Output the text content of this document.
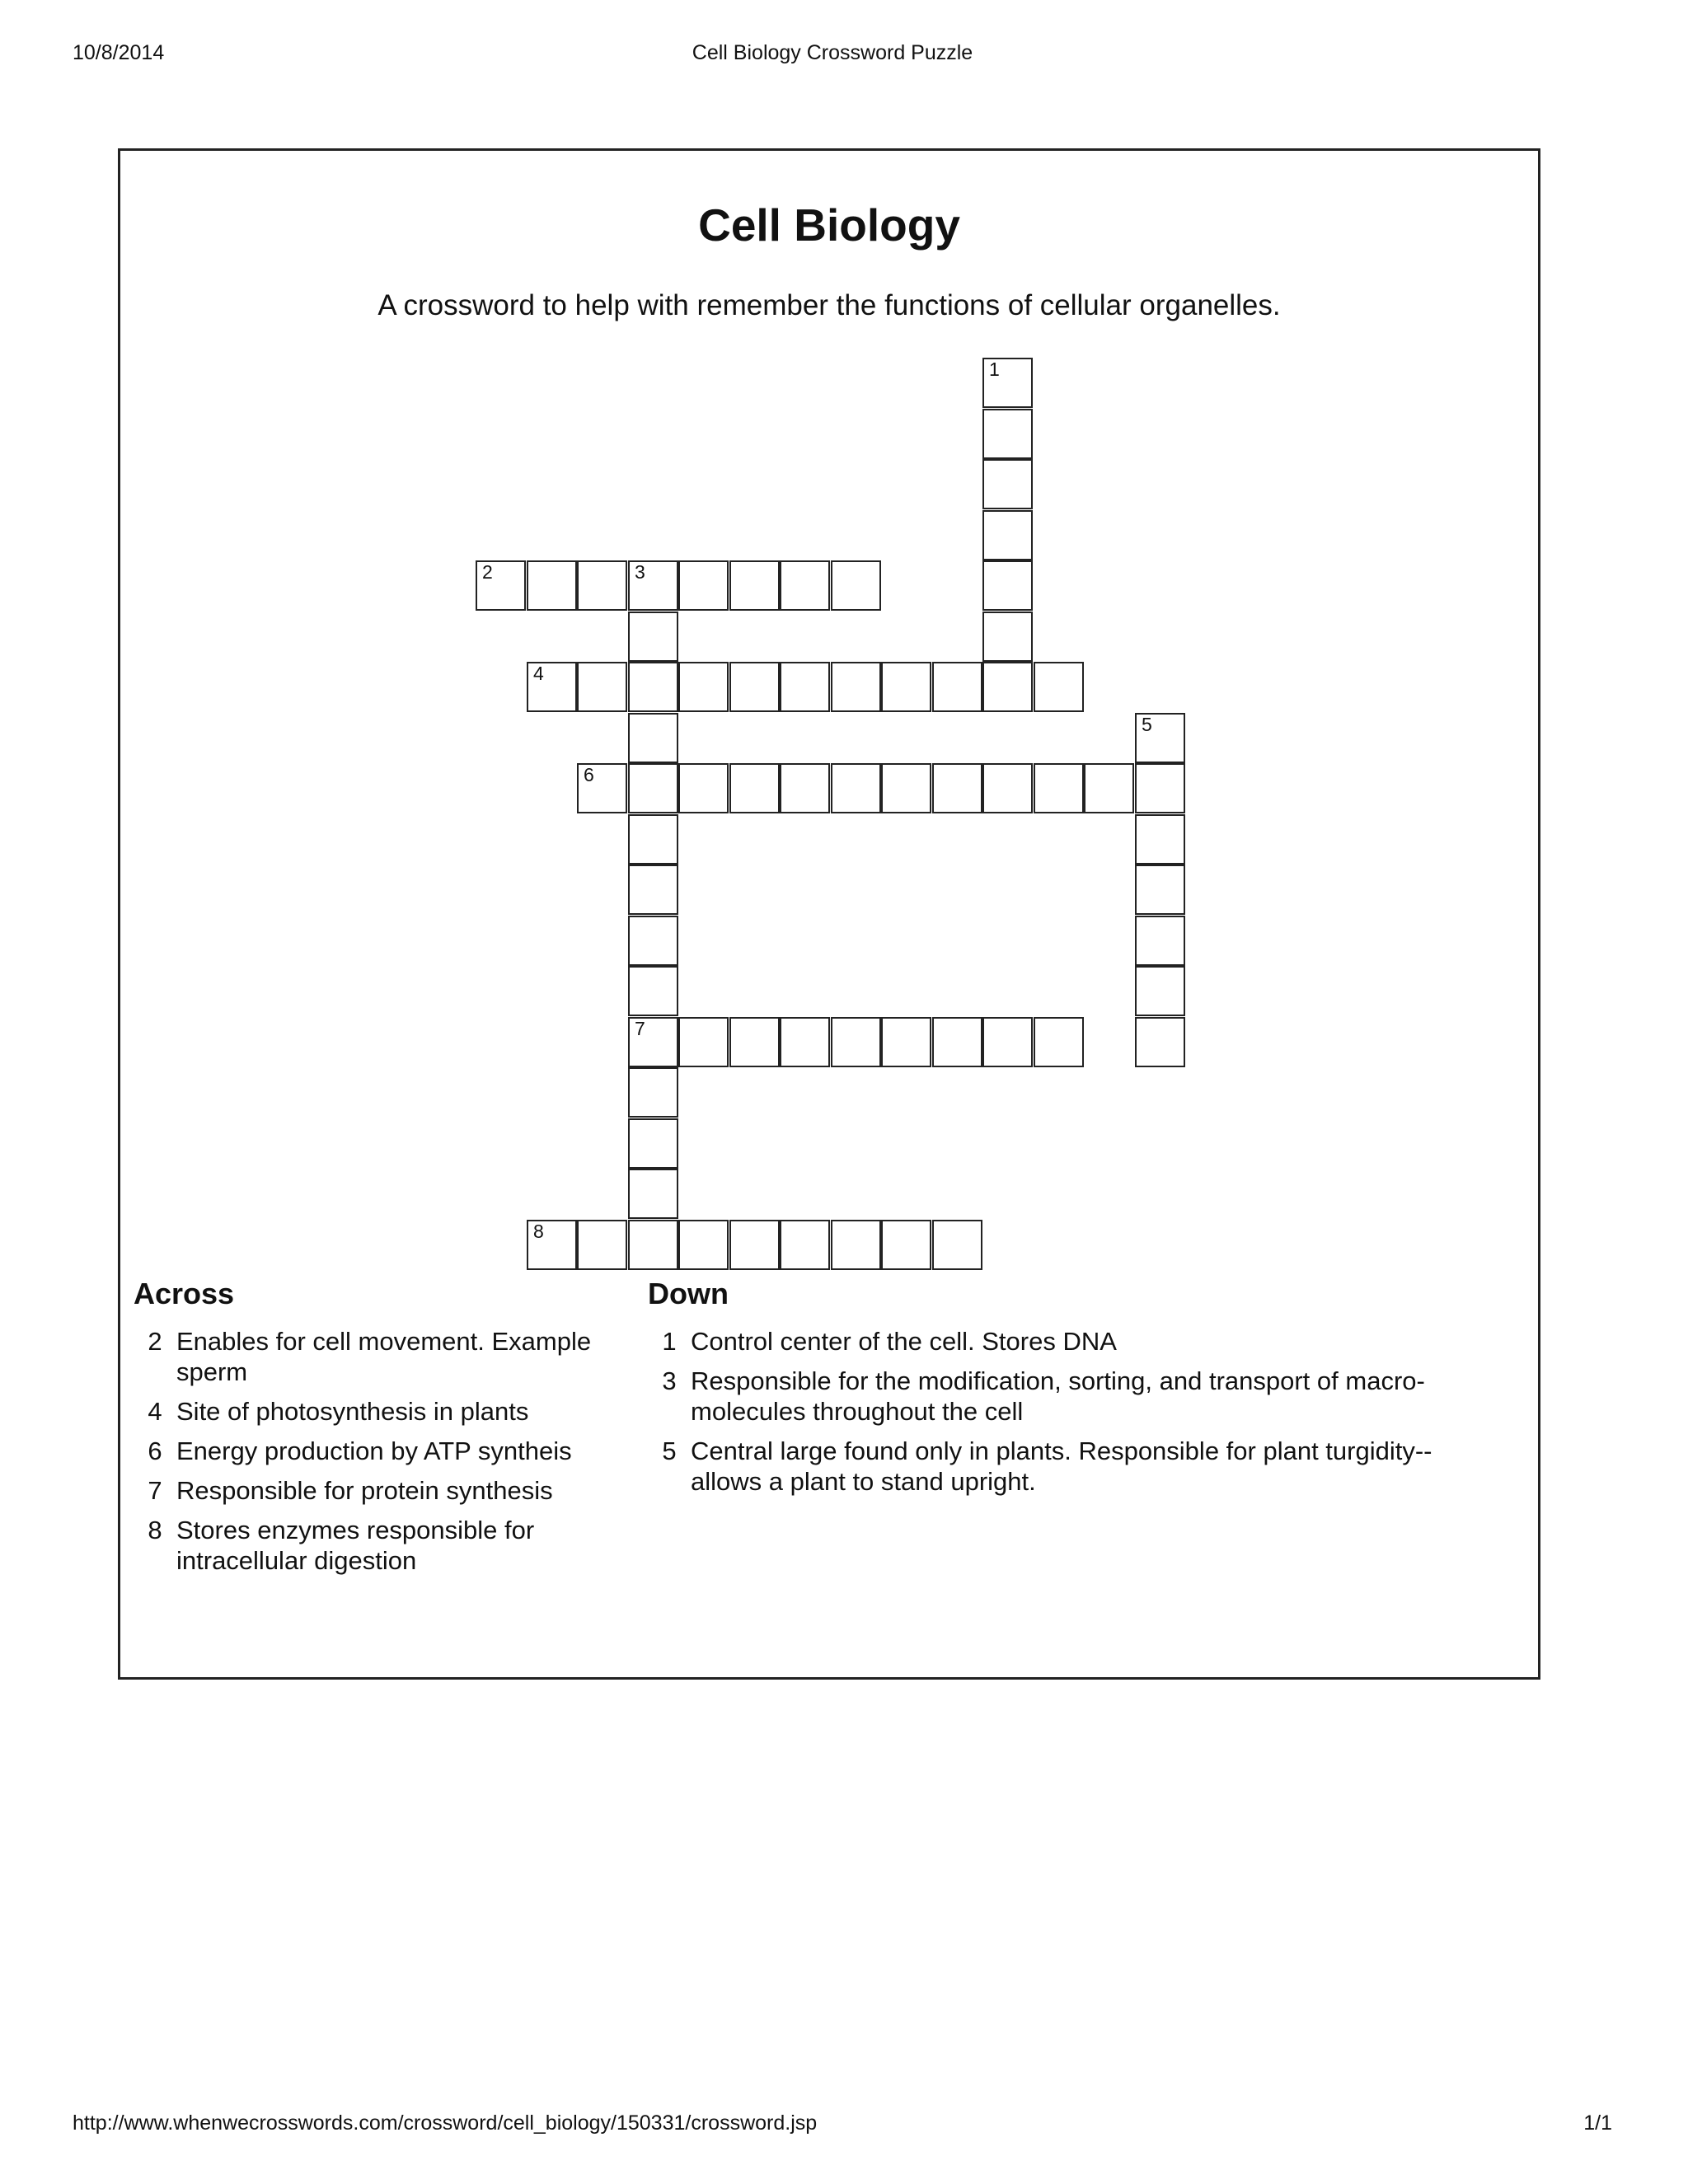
10/8/2014	Cell Biology Crossword Puzzle
Cell Biology
A crossword to help with remember the functions of cellular organelles.
1
2	3
7
4
5
6
8
Across
2 Enables for cell movement. Example sperm
4 Site of photosynthesis in plants
6 Energy production by ATP syntheis
7 Responsible for protein synthesis
8 Stores enzymes responsible for intracellular digestion
Down
1 Control center of the cell. Stores DNA
3 Responsible for the modification, sorting, and transport of macro-molecules throughout the cell
5 Central large found only in plants. Responsible for plant turgidity--allows a plant to stand upright.
http://www.whenwecrosswords.com/crossword/cell_biology/150331/crossword.jsp	1/1
